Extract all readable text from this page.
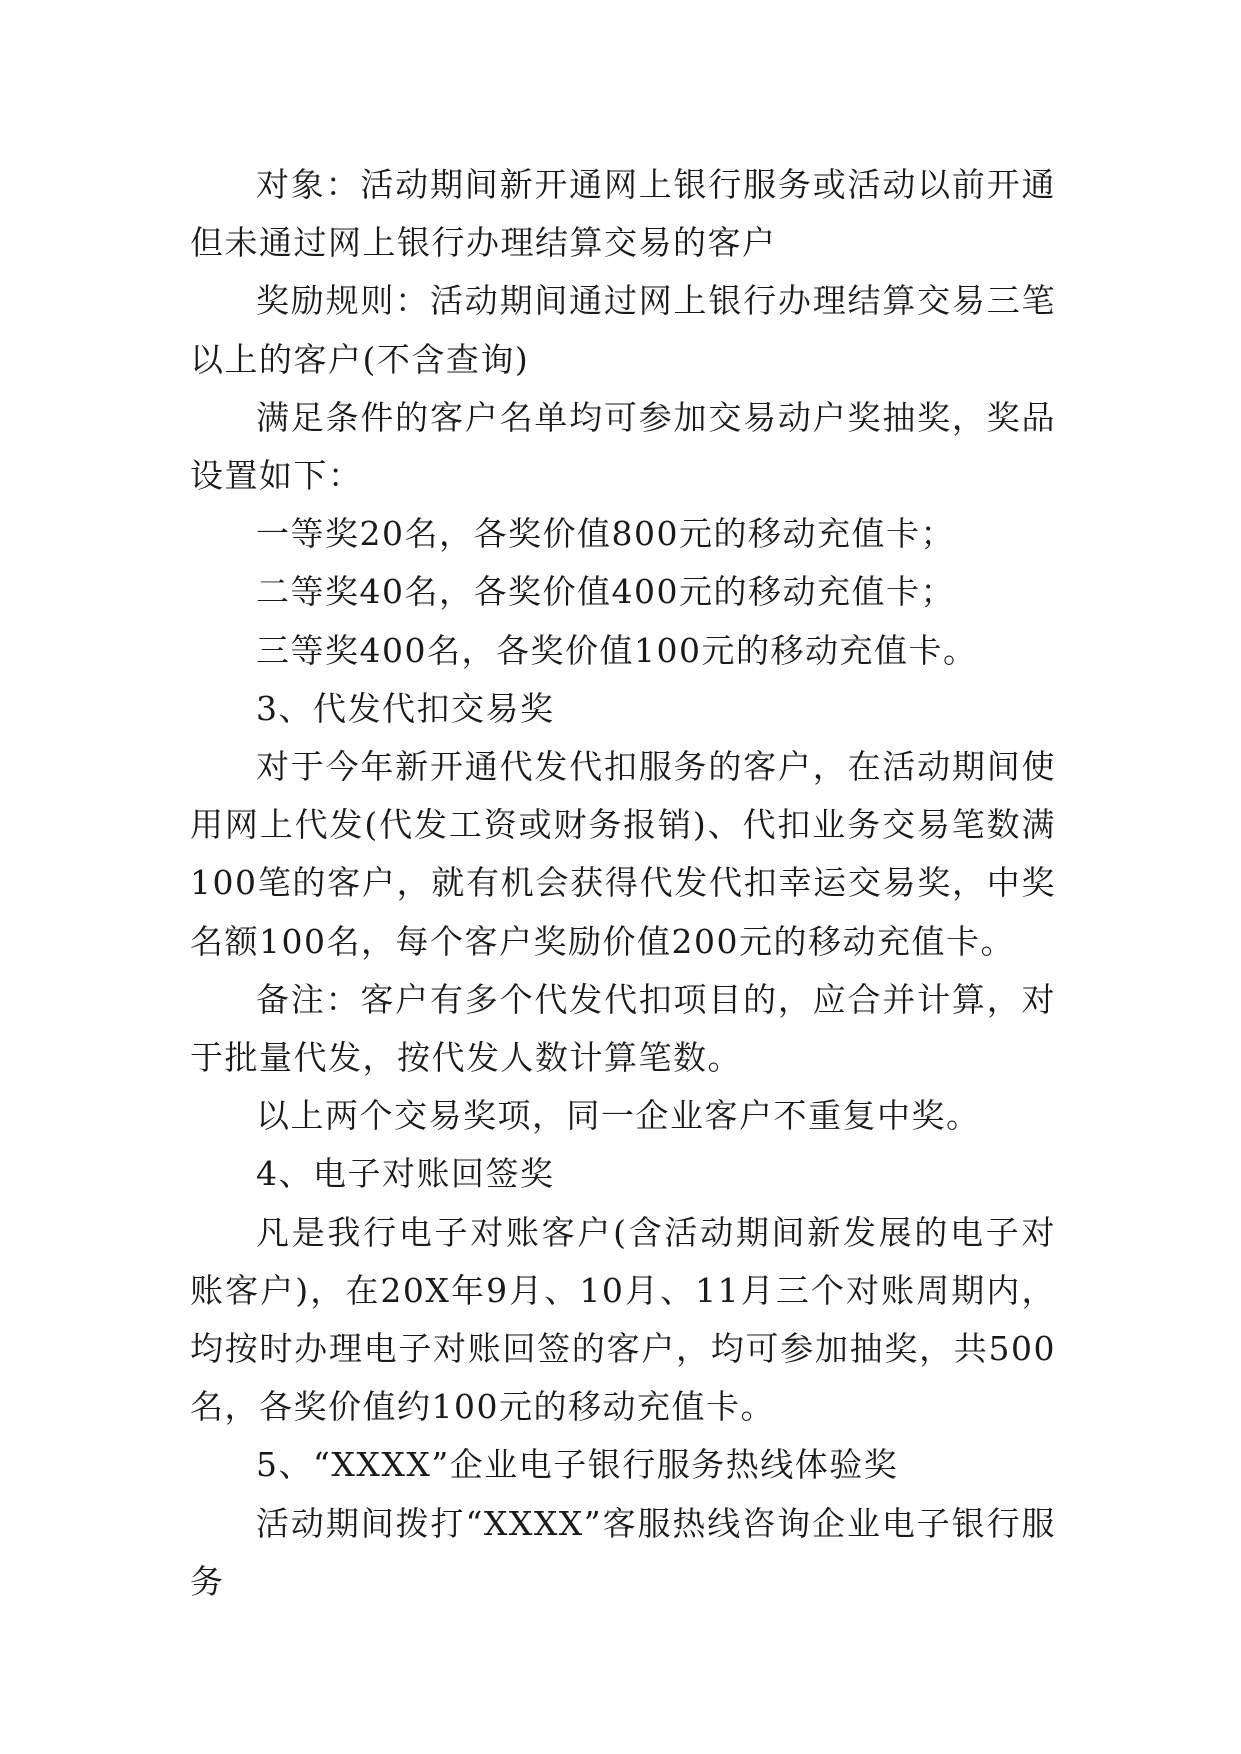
对象：活动期间新开通网上银行服务或活动以前开通但未通过网上银行办理结算交易的客户

奖励规则：活动期间通过网上银行办理结算交易三笔以上的客户(不含查询)

满足条件的客户名单均可参加交易动户奖抽奖，奖品设置如下：

一等奖20名，各奖价值800元的移动充值卡；

二等奖40名，各奖价值400元的移动充值卡；

三等奖400名，各奖价值100元的移动充值卡。

3、代发代扣交易奖

对于今年新开通代发代扣服务的客户，在活动期间使用网上代发(代发工资或财务报销)、代扣业务交易笔数满100笔的客户，就有机会获得代发代扣幸运交易奖，中奖名额100名，每个客户奖励价值200元的移动充值卡。

备注：客户有多个代发代扣项目的，应合并计算，对于批量代发，按代发人数计算笔数。

以上两个交易奖项，同一企业客户不重复中奖。

4、电子对账回签奖

凡是我行电子对账客户(含活动期间新发展的电子对账客户)，在20X年9月、10月、11月三个对账周期内，均按时办理电子对账回签的客户，均可参加抽奖，共500名，各奖价值约100元的移动充值卡。

5、“XXXX”企业电子银行服务热线体验奖

活动期间拨打“XXXX”客服热线咨询企业电子银行服务
